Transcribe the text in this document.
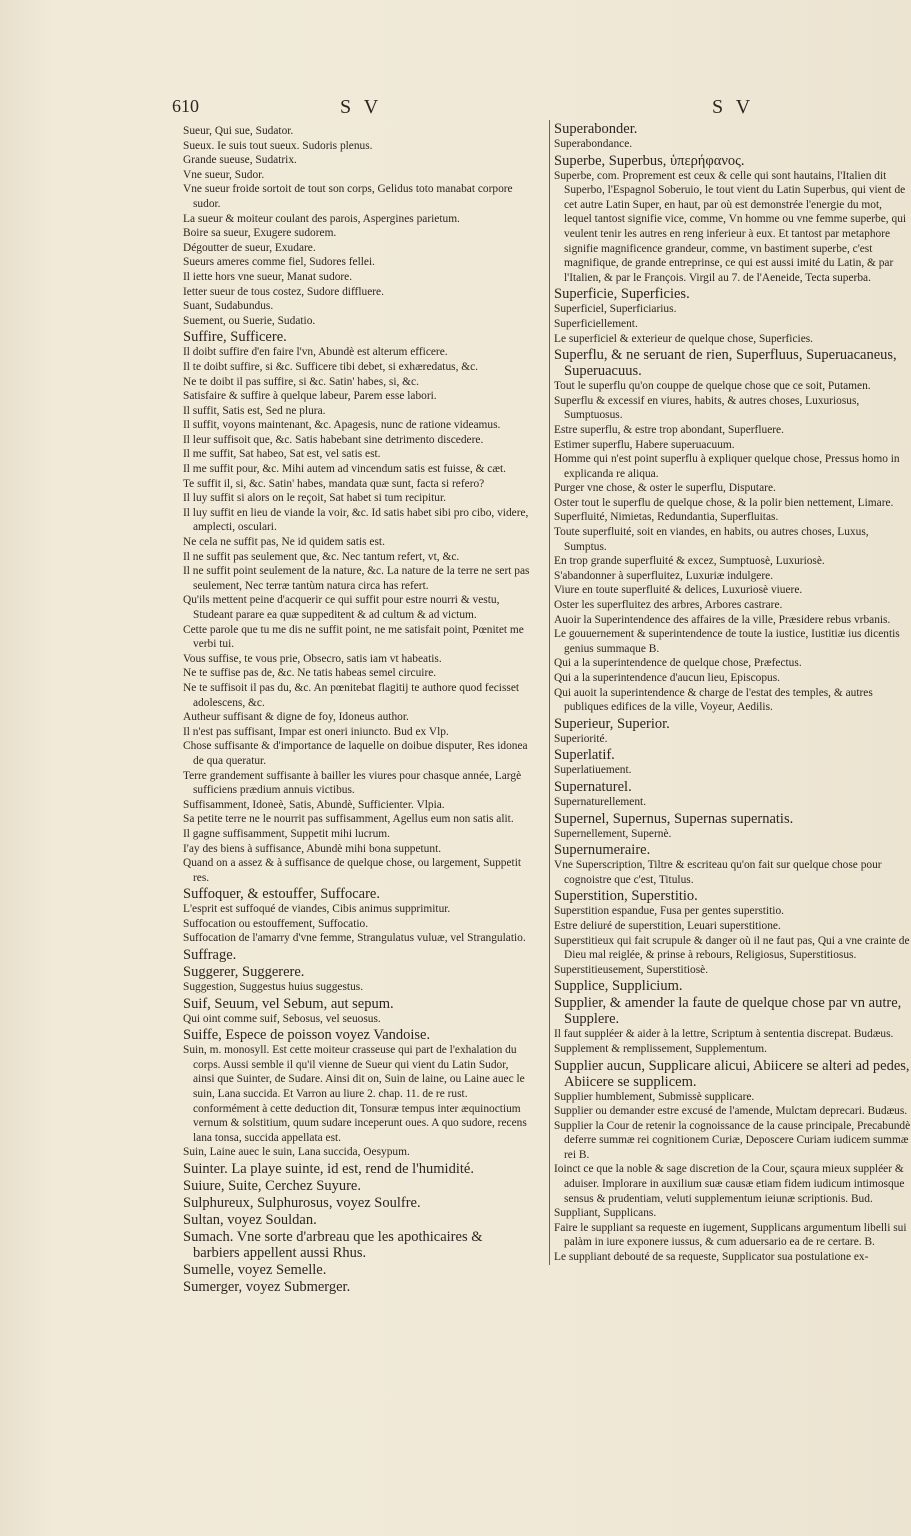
610	S V	S V

Sueur, Qui sue, Sudator.

Sueux. Ie suis tout sueux. Sudoris plenus.

Grande sueuse, Sudatrix.

Vne sueur, Sudor.

Vne sueur froide sortoit de tout son corps, Gelidus toto manabat corpore sudor.

La sueur & moiteur coulant des parois, Aspergines parietum.

Boire sa sueur, Exugere sudorem.

Dégoutter de sueur, Exudare.

Sueurs ameres comme fiel, Sudores fellei.

Il iette hors vne sueur, Manat sudore.

Ietter sueur de tous costez, Sudore diffluere.

Suant, Sudabundus.

Suement, ou Suerie, Sudatio.

Suffire, Sufficere.

Il doibt suffire d'en faire l'vn, Abundè est alterum efficere.

Il te doibt suffire, si &c. Sufficere tibi debet, si exhæredatus, &c.

Ne te doibt il pas suffire, si &c. Satin' habes, si, &c.

Satisfaire & suffire à quelque labeur, Parem esse labori.

Il suffit, Satis est, Sed ne plura.

Il suffit, voyons maintenant, &c. Apagesis, nunc de ratione videamus.

Il leur suffisoit que, &c. Satis habebant sine detrimento discedere.

Il me suffit, Sat habeo, Sat est, vel satis est.

Il me suffit pour, &c. Mihi autem ad vincendum satis est fuisse, & cæt.

Te suffit il, si, &c. Satin' habes, mandata quæ sunt, facta si refero?

Il luy suffit si alors on le reçoit, Sat habet si tum recipitur.

Il luy suffit en lieu de viande la voir, &c. Id satis habet sibi pro cibo, videre, amplecti, osculari.

Ne cela ne suffit pas, Ne id quidem satis est.

Il ne suffit pas seulement que, &c. Nec tantum refert, vt, &c.

Il ne suffit point seulement de la nature, &c. La nature de la terre ne sert pas seulement, Nec terræ tantùm natura circa has refert.

Qu'ils mettent peine d'acquerir ce qui suffit pour estre nourri & vestu, Studeant parare ea quæ suppeditent & ad cultum & ad victum.

Cette parole que tu me dis ne suffit point, ne me satisfait point, Pœnitet me verbi tui.

Vous suffise, te vous prie, Obsecro, satis iam vt habeatis.

Ne te suffise pas de, &c. Ne tatis habeas semel circuire.

Ne te suffisoit il pas du, &c. An pœnitebat flagitij te authore quod fecisset adolescens, &c.

Autheur suffisant & digne de foy, Idoneus author.

Il n'est pas suffisant, Impar est oneri iniuncto. Bud ex Vlp.

Chose suffisante & d'importance de laquelle on doibue disputer, Res idonea de qua queratur.

Terre grandement suffisante à bailler les viures pour chasque année, Largè sufficiens prædium annuis victibus.

Suffisamment, Idoneè, Satis, Abundè, Sufficienter. Vlpia.

Sa petite terre ne le nourrit pas suffisamment, Agellus eum non satis alit.

Il gagne suffisamment, Suppetit mihi lucrum.

I'ay des biens à suffisance, Abundè mihi bona suppetunt.

Quand on a assez & à suffisance de quelque chose, ou largement, Suppetit res.

Suffoquer, & estouffer, Suffocare.

L'esprit est suffoqué de viandes, Cibis animus supprimitur.

Suffocation ou estouffement, Suffocatio.

Suffocation de l'amarry d'vne femme, Strangulatus vuluæ, vel Strangulatio.

Suffrage.

Suggerer, Suggerere.

Suggestion, Suggestus huius suggestus.

Suif, Seuum, vel Sebum, aut sepum.

Qui oint comme suif, Sebosus, vel seuosus.

Suiffe, Espece de poisson voyez Vandoise.

Suin, m. monosyll. Est cette moiteur crasseuse qui part de l'exhalation du corps. Aussi semble il qu'il vienne de Sueur qui vient du Latin Sudor, ainsi que Suinter, de Sudare. Ainsi dit on, Suin de laine, ou Laine auec le suin, Lana succida. Et Varron au liure 2. chap. 11. de re rust. conformément à cette deduction dit, Tonsuræ tempus inter æquinoctium vernum & solstitium, quum sudare inceperunt oues. A quo sudore, recens lana tonsa, succida appellata est.

Suin, Laine auec le suin, Lana succida, Oesypum.

Suinter. La playe suinte, id est, rend de l'humidité.

Suiure, Suite, Cerchez Suyure.

Sulphureux, Sulphurosus, voyez Soulfre.

Sultan, voyez Souldan.

Sumach. Vne sorte d'arbreau que les apothicaires & barbiers appellent aussi Rhus.

Sumelle, voyez Semelle.

Sumerger, voyez Submerger.

Superabonder.

Superabondance.

Superbe, Superbus, ὑπερήφανος.

Superbe, com. Proprement est ceux & celle qui sont hautains, l'Italien dit Superbo, l'Espagnol Soberuio, le tout vient du Latin Superbus, qui vient de cet autre Latin Super, en haut, par où est demonstrée l'energie du mot, lequel tantost signifie vice, comme, Vn homme ou vne femme superbe, qui veulent tenir les autres en reng inferieur à eux. Et tantost par metaphore signifie magnificence grandeur, comme, vn bastiment superbe, c'est magnifique, de grande entreprinse, ce qui est aussi imité du Latin, & par l'Italien, & par le François. Virgil au 7. de l'Aeneide, Tecta superba.

Superficie, Superficies.

Superficiel, Superficiarius.

Superficiellement.

Le superficiel & exterieur de quelque chose, Superficies.

Superflu, & ne seruant de rien, Superfluus, Superuacaneus, Superuacuus.

Tout le superflu qu'on couppe de quelque chose que ce soit, Putamen.

Superflu & excessif en viures, habits, & autres choses, Luxuriosus, Sumptuosus.

Estre superflu, & estre trop abondant, Superfluere.

Estimer superflu, Habere superuacuum.

Homme qui n'est point superflu à expliquer quelque chose, Pressus homo in explicanda re aliqua.

Purger vne chose, & oster le superflu, Disputare.

Oster tout le superflu de quelque chose, & la polir bien nettement, Limare.

Superfluité, Nimietas, Redundantia, Superfluitas.

Toute superfluité, soit en viandes, en habits, ou autres choses, Luxus, Sumptus.

En trop grande superfluité & excez, Sumptuosè, Luxuriosè.

S'abandonner à superfluitez, Luxuriæ indulgere.

Viure en toute superfluité & delices, Luxuriosè viuere.

Oster les superfluitez des arbres, Arbores castrare.

Auoir la Superintendence des affaires de la ville, Præsidere rebus vrbanis.

Le gouuernement & superintendence de toute la iustice, Iustitiæ ius dicentis genius summaque B.

Qui a la superintendence de quelque chose, Præfectus.

Qui a la superintendence d'aucun lieu, Episcopus.

Qui auoit la superintendence & charge de l'estat des temples, & autres publiques edifices de la ville, Voyeur, Aedilis.

Superieur, Superior.

Superiorité.

Superlatif.

Superlatiuement.

Supernaturel.

Supernaturellement.

Supernel, Supernus, Supernas supernatis.

Supernellement, Supernè.

Supernumeraire.

Vne Superscription, Tiltre & escriteau qu'on fait sur quelque chose pour cognoistre que c'est, Titulus.

Superstition, Superstitio.

Superstition espandue, Fusa per gentes superstitio.

Estre deliuré de superstition, Leuari superstitione.

Superstitieux qui fait scrupule & danger où il ne faut pas, Qui a vne crainte de Dieu mal reiglée, & prinse à rebours, Religiosus, Superstitiosus.

Superstitieusement, Superstitiosè.

Supplice, Supplicium.

Supplier, & amender la faute de quelque chose par vn autre, Supplere.

Il faut suppléer & aider à la lettre, Scriptum à sententia discrepat. Budæus.

Supplement & remplissement, Supplementum.

Supplier aucun, Supplicare alicui, Abiicere se alteri ad pedes, Abiicere se supplicem.

Supplier humblement, Submissè supplicare.

Supplier ou demander estre excusé de l'amende, Mulctam deprecari. Budæus.

Supplier la Cour de retenir la cognoissance de la cause principale, Precabundè deferre summæ rei cognitionem Curiæ, Deposcere Curiam iudicem summæ rei B.

Ioinct ce que la noble & sage discretion de la Cour, sçaura mieux suppléer & aduiser. Implorare in auxilium suæ causæ etiam fidem iudicum intimosque sensus & prudentiam, veluti supplementum ieiunæ scriptionis. Bud.

Suppliant, Supplicans.

Faire le suppliant sa requeste en iugement, Supplicans argumentum libelli sui palàm in iure exponere iussus, & cum aduersario ea de re certare. B.

Le suppliant debouté de sa requeste, Supplicator sua postulatione ex-
